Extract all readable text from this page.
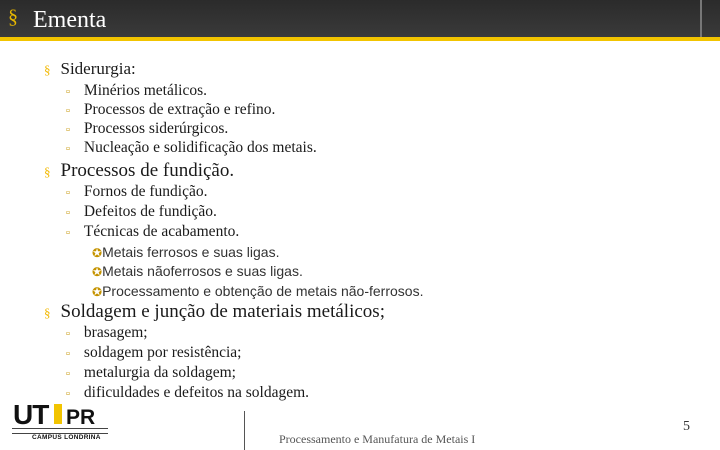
§ Ementa
§ Siderurgia:
▫ Minérios metálicos.
▫ Processos de extração e refino.
▫ Processos siderúrgicos.
▫ Nucleação e solidificação dos metais.
§ Processos de fundição.
▫ Fornos de fundição.
▫ Defeitos de fundição.
▫ Técnicas de acabamento.
✪Metais ferrosos e suas ligas.
✪Metais nãoferrosos e suas ligas.
✪Processamento e obtenção de metais não-ferrosos.
§ Soldagem e junção de materiais metálicos;
▫ brasagem;
▫ soldagem por resistência;
▫ metalurgia da soldagem;
▫ dificuldades e defeitos na soldagem.
UT PR
CAMPUS LONDRINA	Processamento e Manufatura de Metais I
5
